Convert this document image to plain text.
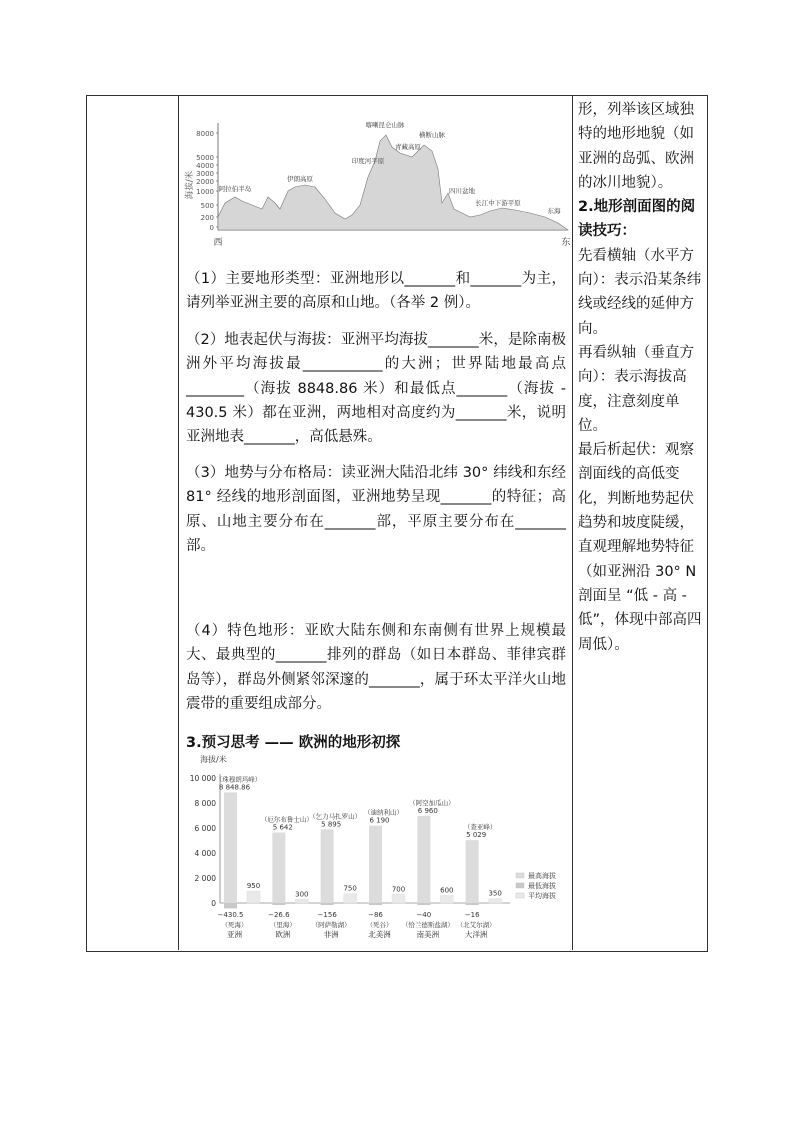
海拔/米
8000
5000
4000
3000
2000
1000
500
200
0
阿拉伯半岛
伊朗高原
印度河平原
喀喇昆仑山脉
青藏高原
横断山脉
四川盆地
长江中下游平原
东海
西	东

（1）主要地形类型：亚洲地形以_______和_______为主，请列举亚洲主要的高原和山地。（各举 2 例）。

（2）地表起伏与海拔：亚洲平均海拔_______米，是除南极洲外平均海拔最___________的大洲；世界陆地最高点________（海拔 8848.86 米）和最低点_______（海拔 - 430.5 米）都在亚洲，两地相对高度约为_______米，说明亚洲地表_______，高低悬殊。

（3）地势与分布格局：读亚洲大陆沿北纬 30° 纬线和东经 81° 经线的地形剖面图，亚洲地势呈现_______的特征；高原、山地主要分布在_______部，平原主要分布在_______部。

（4）特色地形：亚欧大陆东侧和东南侧有世界上规模最大、最典型的_______排列的群岛（如日本群岛、菲律宾群岛等），群岛外侧紧邻深邃的_______，属于环太平洋火山地震带的重要组成部分。

3.预习思考 —— 欧洲的地形初探
海拔/米
0
2 000
4 000
6 000
8 000
10 000
8 848.86
（珠穆朗玛峰）
950
−430.5
（死海）
亚洲
5 642
（厄尔布鲁士山）
300
−26.6
（里海）
欧洲
5 895
（乞力马扎罗山）
750
−156
（阿萨勒湖）
非洲
6 190
（迪纳利山）
700
−86
（死谷）
北美洲
6 960
（阿空加瓜山）
600
−40
（恰兰德斯盐湖）
南美洲
5 029
（查亚峰）
350
−16
（北艾尔湖）
大洋洲
最高海拔
最低海拔
平均海拔

形，列举该区域独特的地形地貌（如亚洲的岛弧、欧洲的冰川地貌）。

2.地形剖面图的阅读技巧：

先看横轴（水平方向）：表示沿某条纬线或经线的延伸方向。

再看纵轴（垂直方向）：表示海拔高度，注意刻度单位。

最后析起伏：观察剖面线的高低变化，判断地势起伏趋势和坡度陡缓，直观理解地势特征（如亚洲沿 30° N 剖面呈 “低 - 高 - 低”，体现中部高四周低）。
